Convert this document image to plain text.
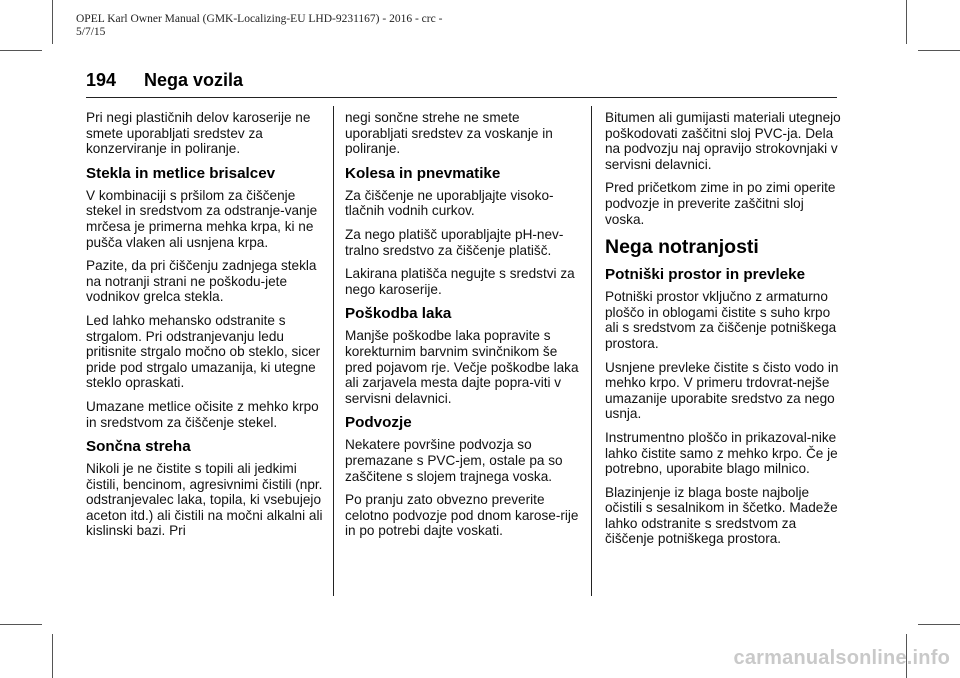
OPEL Karl Owner Manual (GMK-Localizing-EU LHD-9231167) - 2016 - crc -
5/7/15
194 Nega vozila

Pri negi plastičnih delov karoserije ne smete uporabljati sredstev za konzerviranje in poliranje.

Stekla in metlice brisalcev

V kombinaciji s pršilom za čiščenje stekel in sredstvom za odstranje-vanje mrčesa je primerna mehka krpa, ki ne pušča vlaken ali usnjena krpa.

Pazite, da pri čiščenju zadnjega stekla na notranji strani ne poškodu-jete vodnikov grelca stekla.

Led lahko mehansko odstranite s strgalom. Pri odstranjevanju ledu pritisnite strgalo močno ob steklo, sicer pride pod strgalo umazanija, ki utegne steklo opraskati.

Umazane metlice očisite z mehko krpo in sredstvom za čiščenje stekel.

Sončna streha

Nikoli je ne čistite s topili ali jedkimi čistili, bencinom, agresivnimi čistili (npr. odstranjevalec laka, topila, ki vsebujejo aceton itd.) ali čistili na močni alkalni ali kislinski bazi. Pri

negi sončne strehe ne smete uporabljati sredstev za voskanje in poliranje.

Kolesa in pnevmatike

Za čiščenje ne uporabljajte visoko-tlačnih vodnih curkov.

Za nego platišč uporabljajte pH-nev-tralno sredstvo za čiščenje platišč.

Lakirana platišča negujte s sredstvi za nego karoserije.

Poškodba laka

Manjše poškodbe laka popravite s korekturnim barvnim svinčnikom še pred pojavom rje. Večje poškodbe laka ali zarjavela mesta dajte popra-viti v servisni delavnici.

Podvozje

Nekatere površine podvozja so premazane s PVC-jem, ostale pa so zaščitene s slojem trajnega voska.

Po pranju zato obvezno preverite celotno podvozje pod dnom karose-rije in po potrebi dajte voskati.

Bitumen ali gumijasti materiali utegnejo poškodovati zaščitni sloj PVC-ja. Dela na podvozju naj opravijo strokovnjaki v servisni delavnici.

Pred pričetkom zime in po zimi operite podvozje in preverite zaščitni sloj voska.

Nega notranjosti
Potniški prostor in prevleke

Potniški prostor vključno z armaturno ploščo in oblogami čistite s suho krpo ali s sredstvom za čiščenje potniškega prostora.

Usnjene prevleke čistite s čisto vodo in mehko krpo. V primeru trdovrat-nejše umazanije uporabite sredstvo za nego usnja.

Instrumentno ploščo in prikazoval-nike lahko čistite samo z mehko krpo. Če je potrebno, uporabite blago milnico.

Blazinjenje iz blaga boste najbolje očistili s sesalnikom in ščetko. Madeže lahko odstranite s sredstvom za čiščenje potniškega prostora.

carmanualsonline.info
